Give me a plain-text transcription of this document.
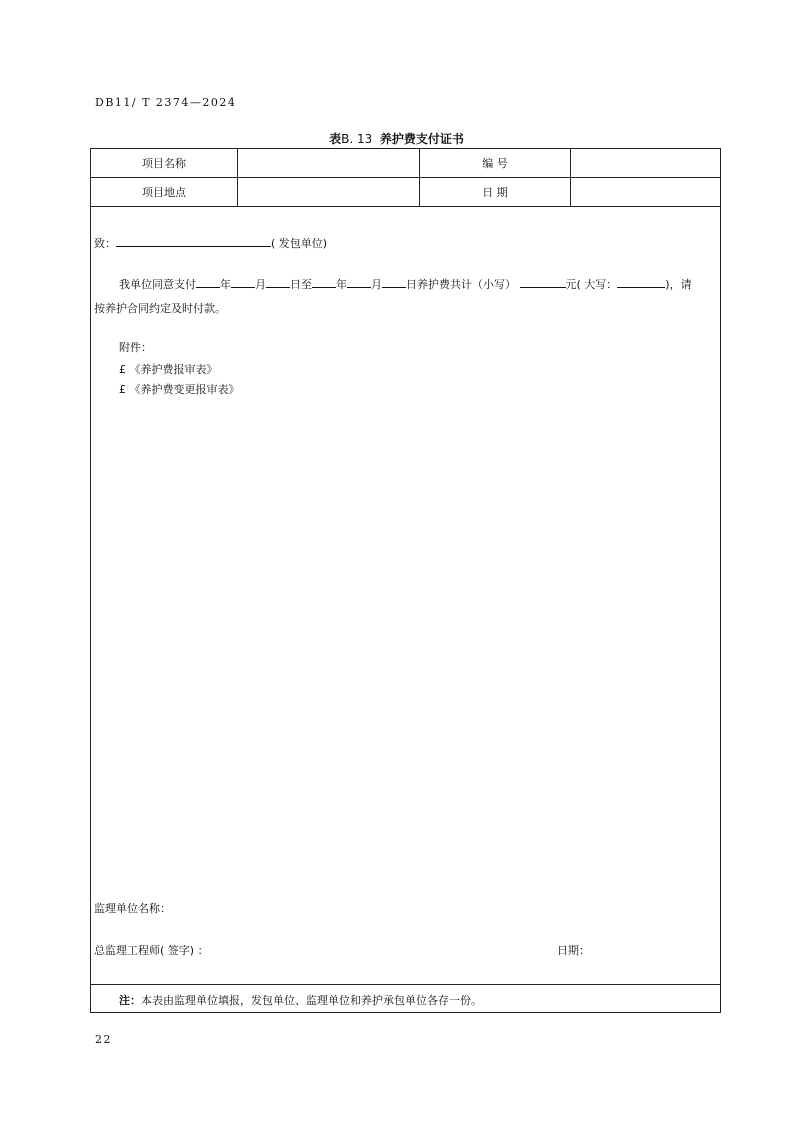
DB11/ T 2374—2024
表B. 13 养护费支付证书
项目名称	编 号
项目地点	日 期
致：	( 发包单位)
我单位同意支付 年 月 日至 年 月 日养护费共计（小写）	元( 大写：	)，请
按养护合同约定及时付款。
附件：
£ 《养护费报审表》
£ 《养护费变更报审表》
监理单位名称：
总监理工程师( 签字) ：	日期：
注：本表由监理单位填报，发包单位、监理单位和养护承包单位各存一份。
22
